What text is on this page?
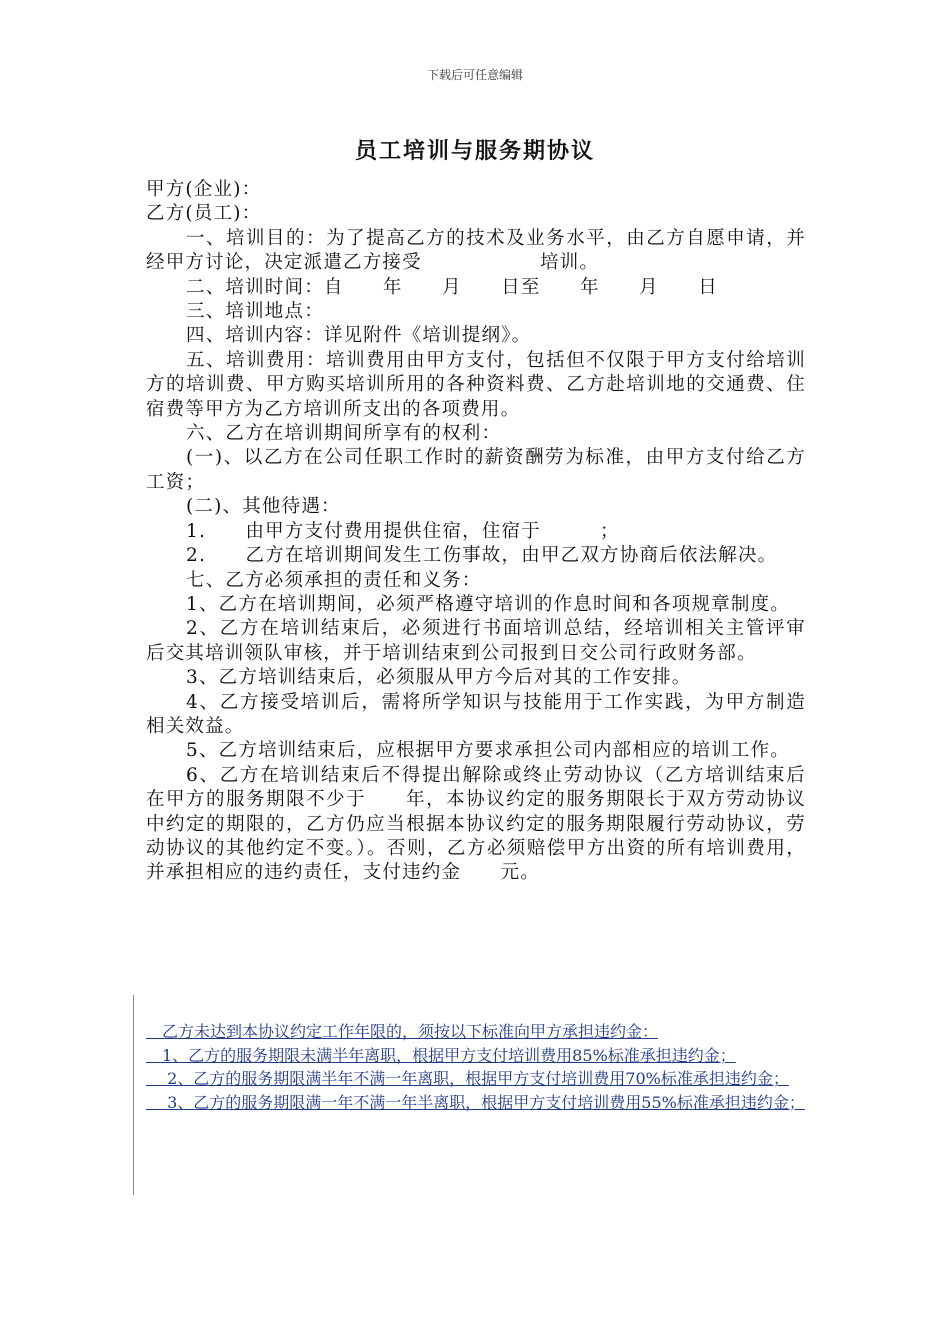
下载后可任意编辑
员工培训与服务期协议

甲方(企业)：

乙方(员工)：

一、培训目的：为了提高乙方的技术及业务水平，由乙方自愿申请，并经甲方讨论，决定派遣乙方接受　　　　　　培训。

二、培训时间：自　　年　　月　　日至　　年　　月　　日

三、培训地点：

四、培训内容：详见附件《培训提纲》。

五、培训费用：培训费用由甲方支付，包括但不仅限于甲方支付给培训方的培训费、甲方购买培训所用的各种资料费、乙方赴培训地的交通费、住宿费等甲方为乙方培训所支出的各项费用。

六、乙方在培训期间所享有的权利：

(一)、以乙方在公司任职工作时的薪资酬劳为标准，由甲方支付给乙方工资；

(二)、其他待遇：

1.　　由甲方支付费用提供住宿，住宿于　　　；

2.　　乙方在培训期间发生工伤事故，由甲乙双方协商后依法解决。

七、乙方必须承担的责任和义务：

1、乙方在培训期间，必须严格遵守培训的作息时间和各项规章制度。

2、乙方在培训结束后，必须进行书面培训总结，经培训相关主管评审后交其培训领队审核，并于培训结束到公司报到日交公司行政财务部。

3、乙方培训结束后，必须服从甲方今后对其的工作安排。

4、乙方接受培训后，需将所学知识与技能用于工作实践，为甲方制造相关效益。

5、乙方培训结束后，应根据甲方要求承担公司内部相应的培训工作。

6、乙方在培训结束后不得提出解除或终止劳动协议（乙方培训结束后在甲方的服务期限不少于　　年，本协议约定的服务期限长于双方劳动协议中约定的期限的，乙方仍应当根据本协议约定的服务期限履行劳动协议，劳动协议的其他约定不变。）。否则，乙方必须赔偿甲方出资的所有培训费用，并承担相应的违约责任，支付违约金　　元。

　乙方未达到本协议约定工作年限的，须按以下标准向甲方承担违约金：

　1、乙方的服务期限未满半年离职，根据甲方支付培训费用85%标准承担违约金；

　 2、乙方的服务期限满半年不满一年离职，根据甲方支付培训费用70%标准承担违约金；

　 3、乙方的服务期限满一年不满一年半离职，根据甲方支付培训费用55%标准承担违约金；
